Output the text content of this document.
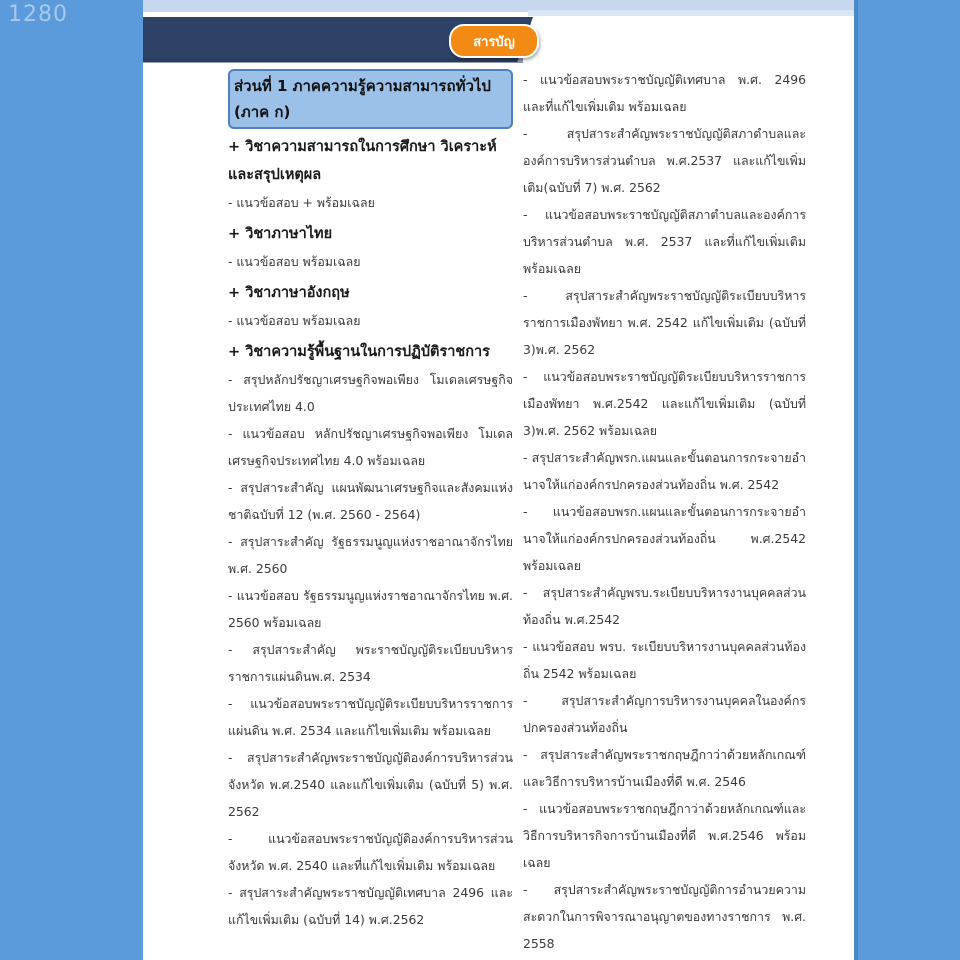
1280
สารบัญ
ส่วนที่ 1 ภาคความรู้ความสามารถทั่วไป (ภาค ก)
+ วิชาความสามารถในการศึกษา วิเคราะห์และสรุปเหตุผล
- แนวข้อสอบ + พร้อมเฉลย
+ วิชาภาษาไทย
- แนวข้อสอบ พร้อมเฉลย
+ วิชาภาษาอังกฤษ
- แนวข้อสอบ พร้อมเฉลย
+ วิชาความรู้พื้นฐานในการปฏิบัติราชการ
- สรุปหลักปรัชญาเศรษฐกิจพอเพียง โมเดลเศรษฐกิจประเทศไทย 4.0
- แนวข้อสอบ หลักปรัชญาเศรษฐกิจพอเพียง โมเดลเศรษฐกิจประเทศไทย 4.0 พร้อมเฉลย
- สรุปสาระสำคัญ แผนพัฒนาเศรษฐกิจและสังคมแห่งชาติฉบับที่ 12 (พ.ศ. 2560 - 2564)
- สรุปสาระสำคัญ รัฐธรรมนูญแห่งราชอาณาจักรไทย พ.ศ. 2560
- แนวข้อสอบ รัฐธรรมนูญแห่งราชอาณาจักรไทย พ.ศ. 2560 พร้อมเฉลย
- สรุปสาระสำคัญ พระราชบัญญัติระเบียบบริหารราชการแผ่นดินพ.ศ. 2534
- แนวข้อสอบพระราชบัญญัติระเบียบบริหารราชการแผ่นดิน พ.ศ. 2534 และแก้ไขเพิ่มเติม พร้อมเฉลย
- สรุปสาระสำคัญพระราชบัญญัติองค์การบริหารส่วนจังหวัด พ.ศ.2540 และแก้ไขเพิ่มเติม (ฉบับที่ 5) พ.ศ. 2562
- แนวข้อสอบพระราชบัญญัติองค์การบริหารส่วนจังหวัด พ.ศ. 2540 และที่แก้ไขเพิ่มเติม พร้อมเฉลย
- สรุปสาระสำคัญพระราชบัญญัติเทศบาล 2496 และแก้ไขเพิ่มเติม (ฉบับที่ 14) พ.ศ.2562
- แนวข้อสอบพระราชบัญญัติเทศบาล พ.ศ. 2496 และที่แก้ไขเพิ่มเติม พร้อมเฉลย
- สรุปสาระสำคัญพระราชบัญญัติสภาตำบลและองค์การบริหารส่วนตำบล พ.ศ.2537 และแก้ไขเพิ่มเติม(ฉบับที่ 7) พ.ศ. 2562
- แนวข้อสอบพระราชบัญญัติสภาตำบลและองค์การบริหารส่วนตำบล พ.ศ. 2537 และที่แก้ไขเพิ่มเติม พร้อมเฉลย
- สรุปสาระสำคัญพระราชบัญญัติระเบียบบริหารราชการเมืองพัทยา พ.ศ. 2542 แก้ไขเพิ่มเติม (ฉบับที่ 3)พ.ศ. 2562
- แนวข้อสอบพระราชบัญญัติระเบียบบริหารราชการเมืองพัทยา พ.ศ.2542 และแก้ไขเพิ่มเติม (ฉบับที่ 3)พ.ศ. 2562 พร้อมเฉลย
- สรุปสาระสำคัญพรก.แผนและขั้นตอนการกระจายอำนาจให้แก่องค์กรปกครองส่วนท้องถิ่น พ.ศ. 2542
- แนวข้อสอบพรก.แผนและขั้นตอนการกระจายอำนาจให้แก่องค์กรปกครองส่วนท้องถิ่น พ.ศ.2542 พร้อมเฉลย
- สรุปสาระสำคัญพรบ.ระเบียบบริหารงานบุคคลส่วนท้องถิ่น พ.ศ.2542
- แนวข้อสอบ พรบ. ระเบียบบริหารงานบุคคลส่วนท้องถิ่น 2542 พร้อมเฉลย
- สรุปสาระสำคัญการบริหารงานบุคคลในองค์กรปกครองส่วนท้องถิ่น
- สรุปสาระสำคัญพระราชกฤษฎีกาว่าด้วยหลักเกณฑ์และวิธีการบริหารบ้านเมืองที่ดี พ.ศ. 2546
- แนวข้อสอบพระราชกฤษฎีกาว่าด้วยหลักเกณฑ์และวิธีการบริหารกิจการบ้านเมืองที่ดี พ.ศ.2546 พร้อมเฉลย
- สรุปสาระสำคัญพระราชบัญญัติการอำนวยความสะดวกในการพิจารณาอนุญาตของทางราชการ พ.ศ. 2558
